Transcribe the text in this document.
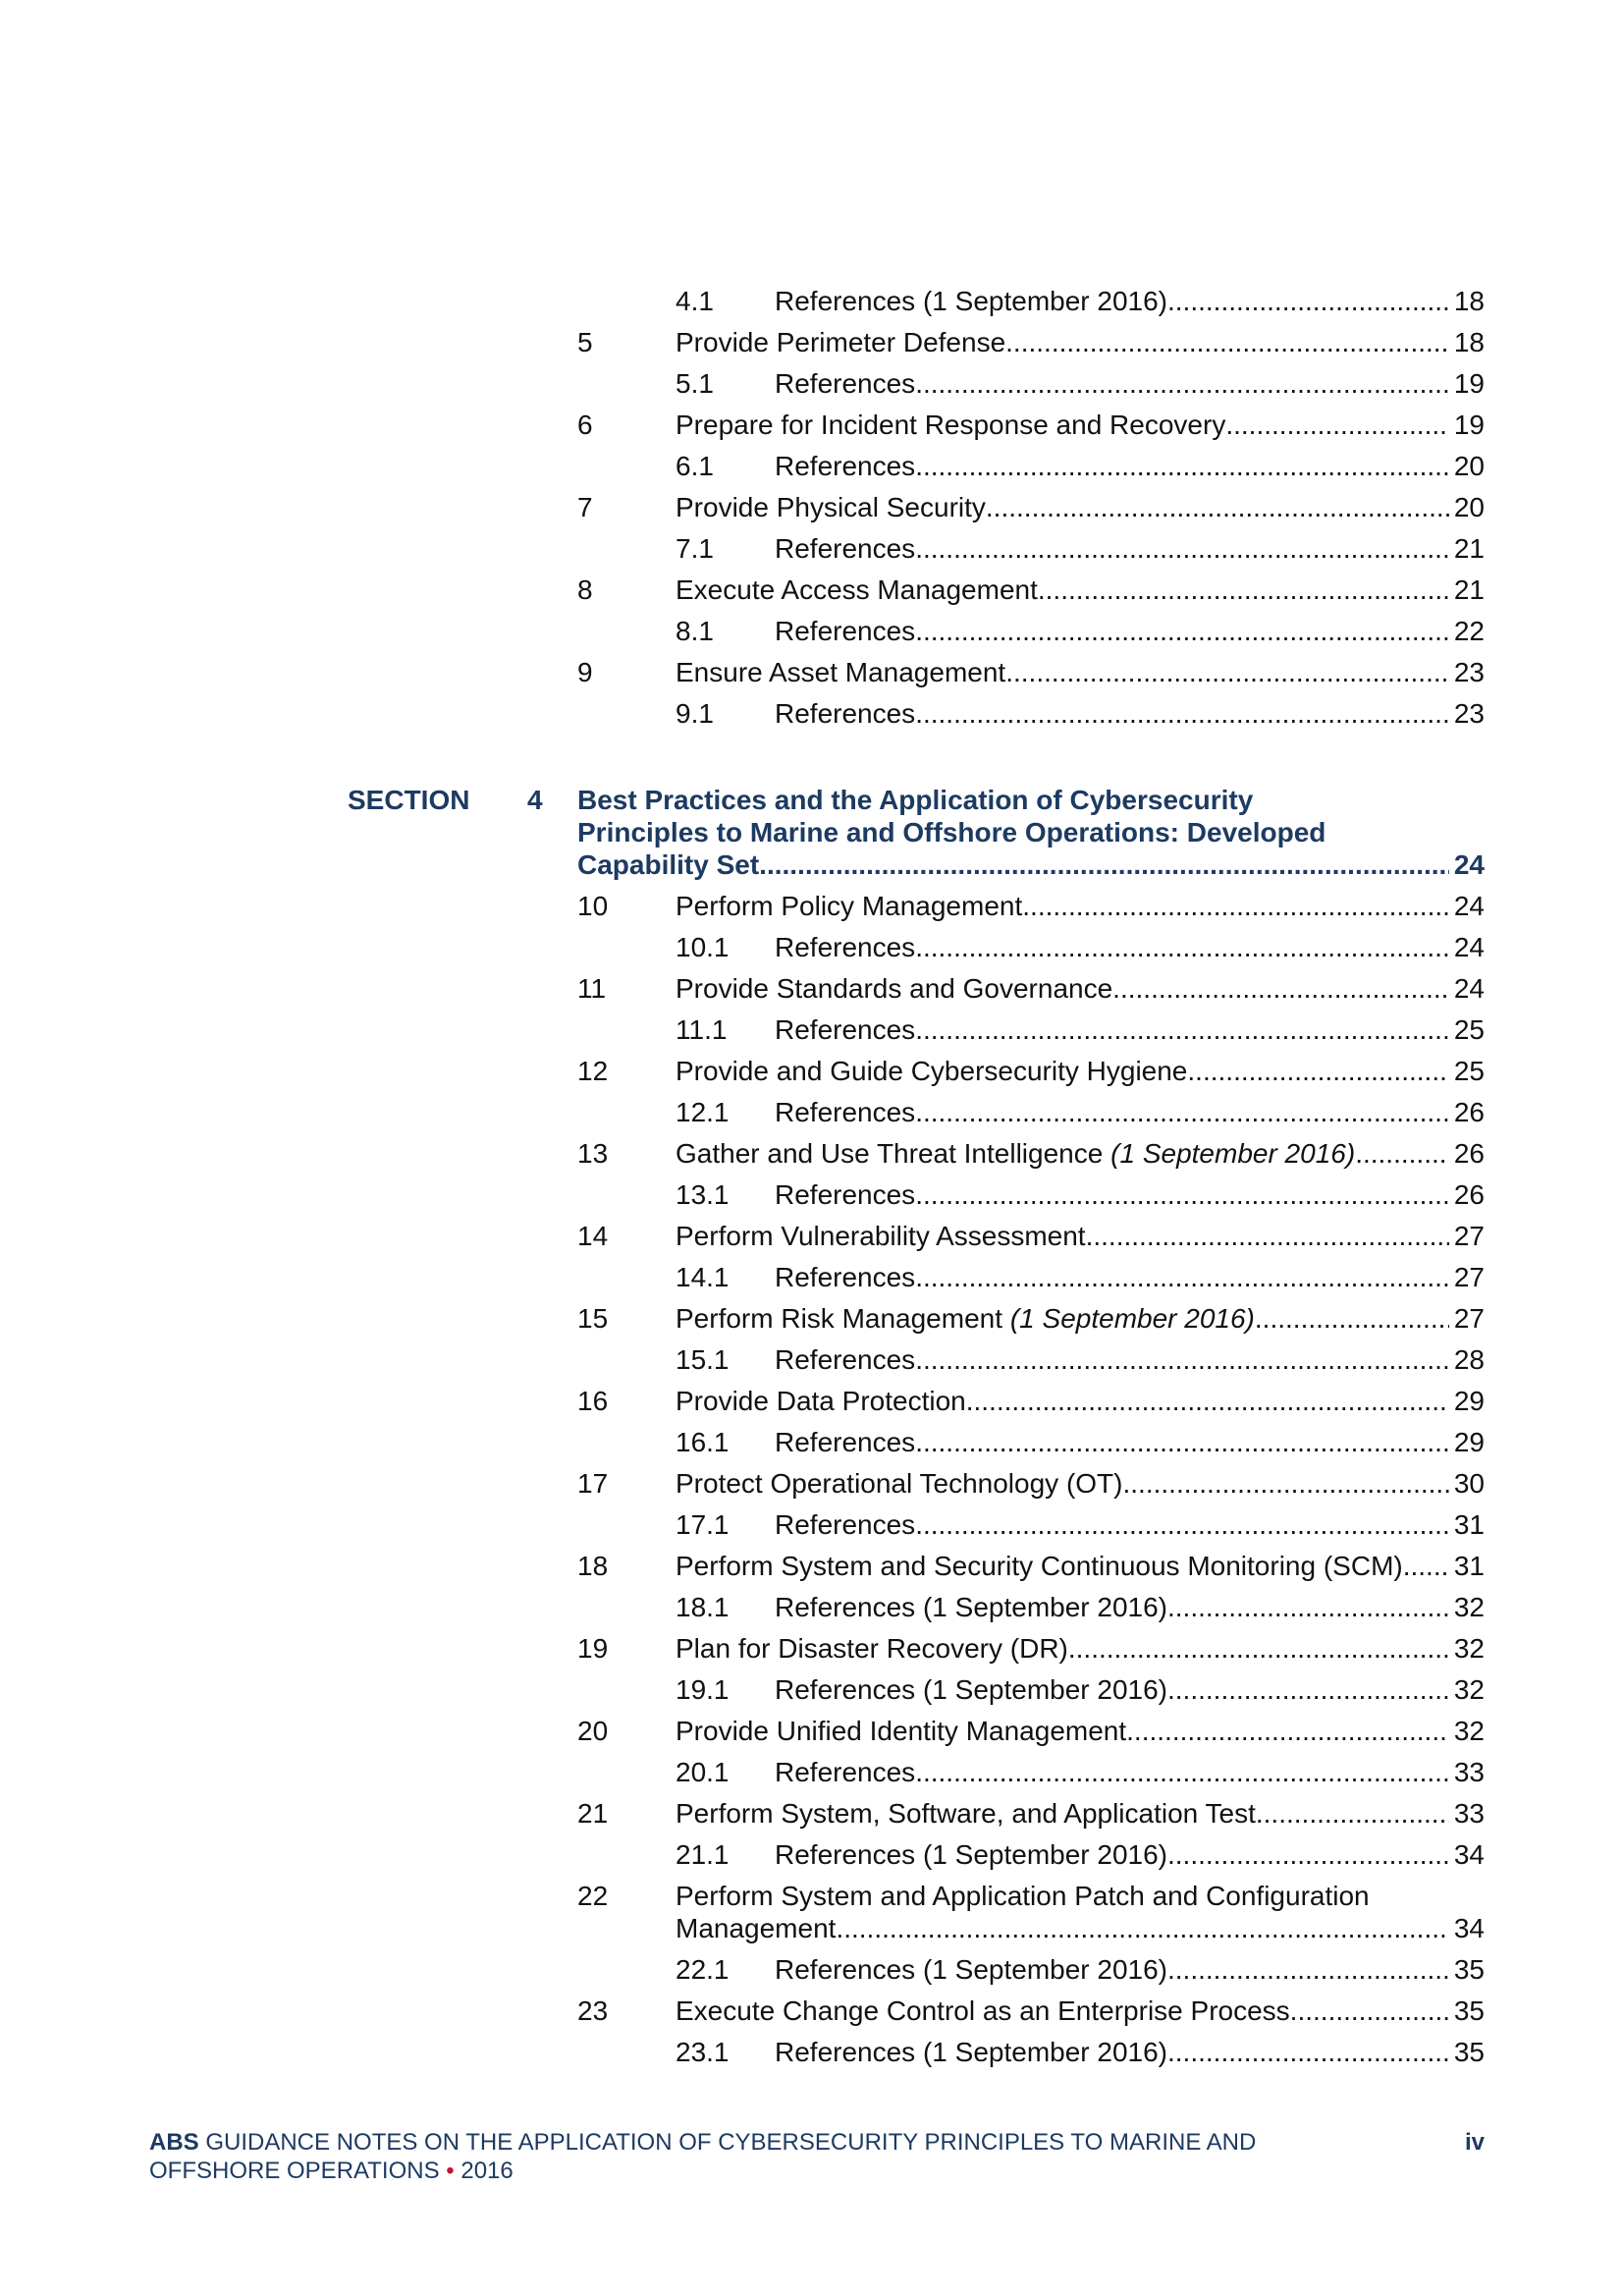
4.1	References (1 September 2016) .....	18
5	Provide Perimeter Defense .....	18
5.1	References .....	19
6	Prepare for Incident Response and Recovery .....	19
6.1	References .....	20
7	Provide Physical Security .....	20
7.1	References .....	21
8	Execute Access Management .....	21
8.1	References .....	22
9	Ensure Asset Management .....	23
9.1	References .....	23
SECTION	4	Best Practices and the Application of Cybersecurity
Principles to Marine and Offshore Operations: Developed
Capability Set .....	24
10	Perform Policy Management .....	24
10.1	References .....	24
11	Provide Standards and Governance .....	24
11.1	References .....	25
12	Provide and Guide Cybersecurity Hygiene .....	25
12.1	References .....	26
13	Gather and Use Threat Intelligence (1 September 2016) .....	26
13.1	References .....	26
14	Perform Vulnerability Assessment .....	27
14.1	References .....	27
15	Perform Risk Management (1 September 2016) .....	27
15.1	References .....	28
16	Provide Data Protection .....	29
16.1	References .....	29
17	Protect Operational Technology (OT) .....	30
17.1	References .....	31
18	Perform System and Security Continuous Monitoring (SCM) ..... 31
18.1	References (1 September 2016) .....	32
19	Plan for Disaster Recovery (DR) .....	32
19.1	References (1 September 2016) .....	32
20	Provide Unified Identity Management .....	32
20.1	References .....	33
21	Perform System, Software, and Application Test .....	33
21.1	References (1 September 2016) .....	34
22	Perform System and Application Patch and Configuration
Management .....	34
22.1	References (1 September 2016) .....	35
23	Execute Change Control as an Enterprise Process .....	35
23.1	References (1 September 2016) .....	35
ABS GUIDANCE NOTES ON THE APPLICATION OF CYBERSECURITY PRINCIPLES TO MARINE AND
OFFSHORE OPERATIONS • 2016
iv
